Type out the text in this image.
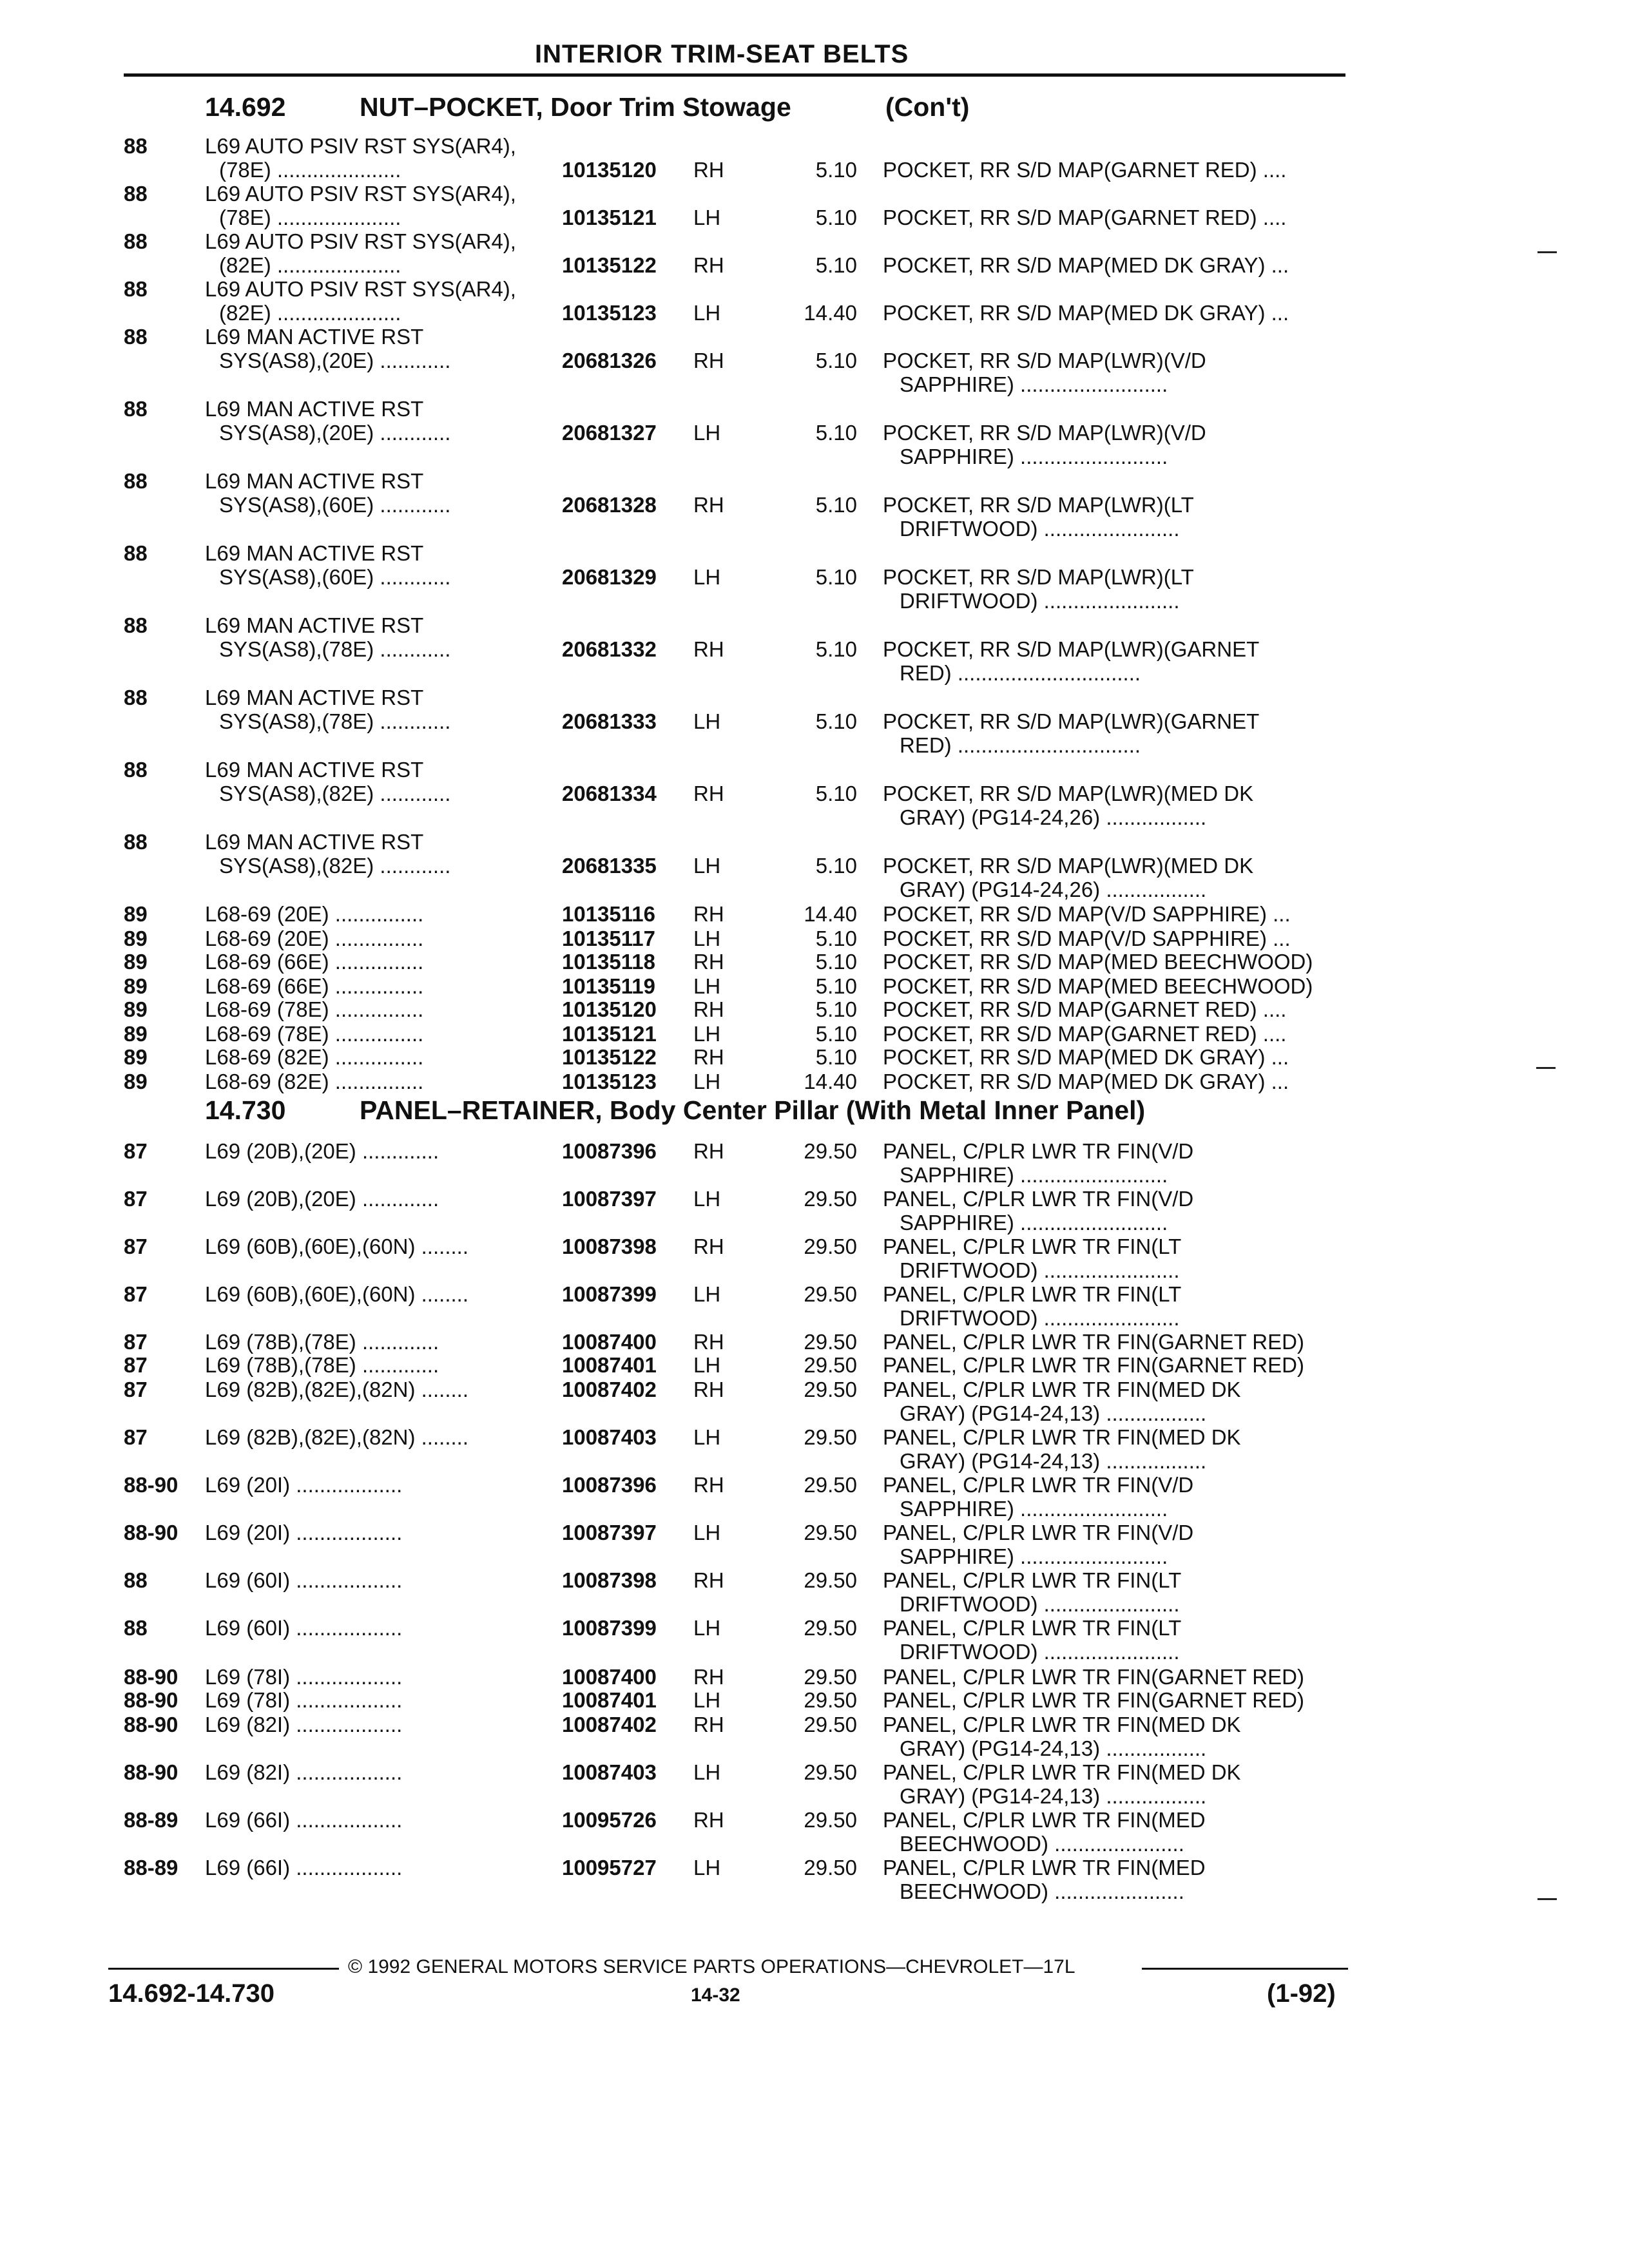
INTERIOR TRIM-SEAT BELTS
14.692	NUT–POCKET, Door Trim Stowage	(Con't)
14.730	PANEL–RETAINER, Body Center Pillar (With Metal Inner Panel)
88	L69 AUTO PSIV RST SYS(AR4),
(78E) .....................	10135120 RH	5.10 POCKET, RR S/D MAP(GARNET RED) ....
88	L69 AUTO PSIV RST SYS(AR4),
(78E) .....................	10135121 LH	5.10 POCKET, RR S/D MAP(GARNET RED) ....
88	L69 AUTO PSIV RST SYS(AR4),
(82E) .....................	10135122 RH	5.10 POCKET, RR S/D MAP(MED DK GRAY) ...
88	L69 AUTO PSIV RST SYS(AR4),
(82E) .....................	10135123 LH	14.40 POCKET, RR S/D MAP(MED DK GRAY) ...
88	L69 MAN ACTIVE RST
SYS(AS8),(20E) ............	20681326 RH	5.10 POCKET, RR S/D MAP(LWR)(V/D
SAPPHIRE) .........................
88	L69 MAN ACTIVE RST
SYS(AS8),(20E) ............	20681327 LH	5.10 POCKET, RR S/D MAP(LWR)(V/D
SAPPHIRE) .........................
88	L69 MAN ACTIVE RST
SYS(AS8),(60E) ............	20681328 RH	5.10 POCKET, RR S/D MAP(LWR)(LT
DRIFTWOOD) .......................
88	L69 MAN ACTIVE RST
SYS(AS8),(60E) ............	20681329 LH	5.10 POCKET, RR S/D MAP(LWR)(LT
DRIFTWOOD) .......................
88	L69 MAN ACTIVE RST
SYS(AS8),(78E) ............	20681332 RH	5.10 POCKET, RR S/D MAP(LWR)(GARNET
RED) ...............................
88	L69 MAN ACTIVE RST
SYS(AS8),(78E) ............	20681333 LH	5.10 POCKET, RR S/D MAP(LWR)(GARNET
RED) ...............................
88	L69 MAN ACTIVE RST
SYS(AS8),(82E) ............	20681334 RH	5.10 POCKET, RR S/D MAP(LWR)(MED DK
GRAY) (PG14-24,26) .................
88	L69 MAN ACTIVE RST
SYS(AS8),(82E) ............	20681335 LH	5.10 POCKET, RR S/D MAP(LWR)(MED DK
GRAY) (PG14-24,26) .................
89	L68-69 (20E) ...............	10135116 RH	14.40 POCKET, RR S/D MAP(V/D SAPPHIRE) ...
89	L68-69 (20E) ...............	10135117 LH	5.10 POCKET, RR S/D MAP(V/D SAPPHIRE) ...
89	L68-69 (66E) ...............	10135118 RH	5.10 POCKET, RR S/D MAP(MED BEECHWOOD)
89	L68-69 (66E) ...............	10135119 LH	5.10 POCKET, RR S/D MAP(MED BEECHWOOD)
89	L68-69 (78E) ...............	10135120 RH	5.10 POCKET, RR S/D MAP(GARNET RED) ....
89	L68-69 (78E) ...............	10135121 LH	5.10 POCKET, RR S/D MAP(GARNET RED) ....
89	L68-69 (82E) ...............	10135122 RH	5.10 POCKET, RR S/D MAP(MED DK GRAY) ...
89	L68-69 (82E) ...............	10135123 LH	14.40 POCKET, RR S/D MAP(MED DK GRAY) ...
87	L69 (20B),(20E) .............	10087396 RH	29.50 PANEL, C/PLR LWR TR FIN(V/D
SAPPHIRE) .........................
87	L69 (20B),(20E) .............	10087397 LH	29.50 PANEL, C/PLR LWR TR FIN(V/D
SAPPHIRE) .........................
87	L69 (60B),(60E),(60N) ........	10087398 RH	29.50 PANEL, C/PLR LWR TR FIN(LT
DRIFTWOOD) .......................
87	L69 (60B),(60E),(60N) ........	10087399 LH	29.50 PANEL, C/PLR LWR TR FIN(LT
DRIFTWOOD) .......................
87	L69 (78B),(78E) .............	10087400 RH	29.50 PANEL, C/PLR LWR TR FIN(GARNET RED)
87	L69 (78B),(78E) .............	10087401 LH	29.50 PANEL, C/PLR LWR TR FIN(GARNET RED)
87	L69 (82B),(82E),(82N) ........	10087402 RH	29.50 PANEL, C/PLR LWR TR FIN(MED DK
GRAY) (PG14-24,13) .................
87	L69 (82B),(82E),(82N) ........	10087403 LH	29.50 PANEL, C/PLR LWR TR FIN(MED DK
GRAY) (PG14-24,13) .................
88-90 L69 (20I) ..................	10087396 RH	29.50 PANEL, C/PLR LWR TR FIN(V/D
SAPPHIRE) .........................
88-90 L69 (20I) ..................	10087397 LH	29.50 PANEL, C/PLR LWR TR FIN(V/D
SAPPHIRE) .........................
88	L69 (60I) ..................	10087398 RH	29.50 PANEL, C/PLR LWR TR FIN(LT
DRIFTWOOD) .......................
88	L69 (60I) ..................	10087399 LH	29.50 PANEL, C/PLR LWR TR FIN(LT
DRIFTWOOD) .......................
88-90 L69 (78I) ..................	10087400 RH	29.50 PANEL, C/PLR LWR TR FIN(GARNET RED)
88-90 L69 (78I) ..................	10087401 LH	29.50 PANEL, C/PLR LWR TR FIN(GARNET RED)
88-90 L69 (82I) ..................	10087402 RH	29.50 PANEL, C/PLR LWR TR FIN(MED DK
GRAY) (PG14-24,13) .................
88-90 L69 (82I) ..................	10087403 LH	29.50 PANEL, C/PLR LWR TR FIN(MED DK
GRAY) (PG14-24,13) .................
88-89 L69 (66I) ..................	10095726 RH	29.50 PANEL, C/PLR LWR TR FIN(MED
BEECHWOOD) ......................
88-89 L69 (66I) ..................	10095727 LH	29.50 PANEL, C/PLR LWR TR FIN(MED
BEECHWOOD) ......................
© 1992 GENERAL MOTORS SERVICE PARTS OPERATIONS—CHEVROLET—17L
14.692-14.730	14-32	(1-92)
